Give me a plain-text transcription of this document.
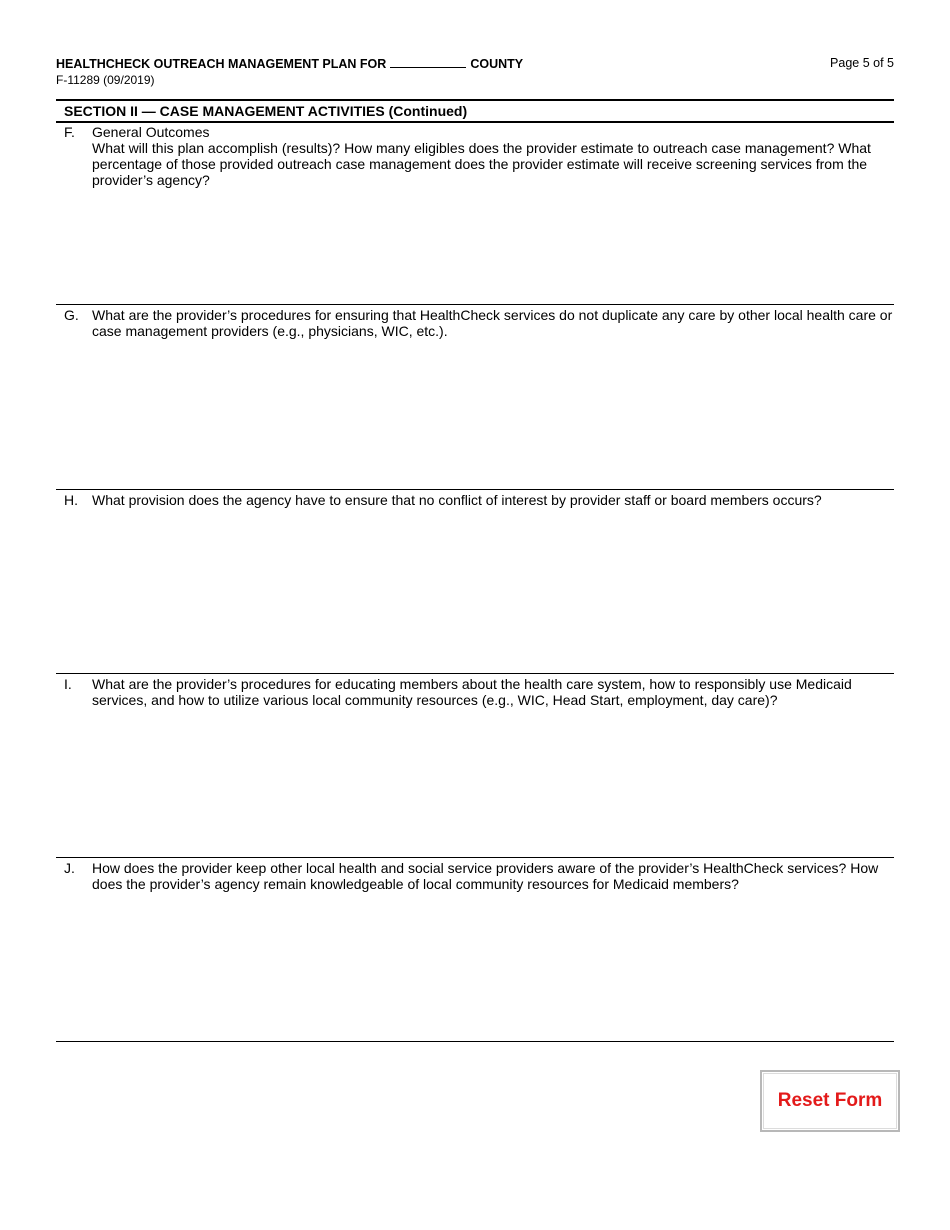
HEALTHCHECK OUTREACH MANAGEMENT PLAN FOR	COUNTY
F-11289 (09/2019)
Page 5 of 5
SECTION II — CASE MANAGEMENT ACTIVITIES (Continued)
F. General Outcomes
What will this plan accomplish (results)? How many eligibles does the provider estimate to outreach case management? What percentage of those provided outreach case management does the provider estimate will receive screening services from the provider’s agency?
G. What are the provider’s procedures for ensuring that HealthCheck services do not duplicate any care by other local health care or case management providers (e.g., physicians, WIC, etc.).
H. What provision does the agency have to ensure that no conflict of interest by provider staff or board members occurs?
I. What are the provider’s procedures for educating members about the health care system, how to responsibly use Medicaid services, and how to utilize various local community resources (e.g., WIC, Head Start, employment, day care)?
J. How does the provider keep other local health and social service providers aware of the provider’s HealthCheck services? How does the provider’s agency remain knowledgeable of local community resources for Medicaid members?
Reset Form
